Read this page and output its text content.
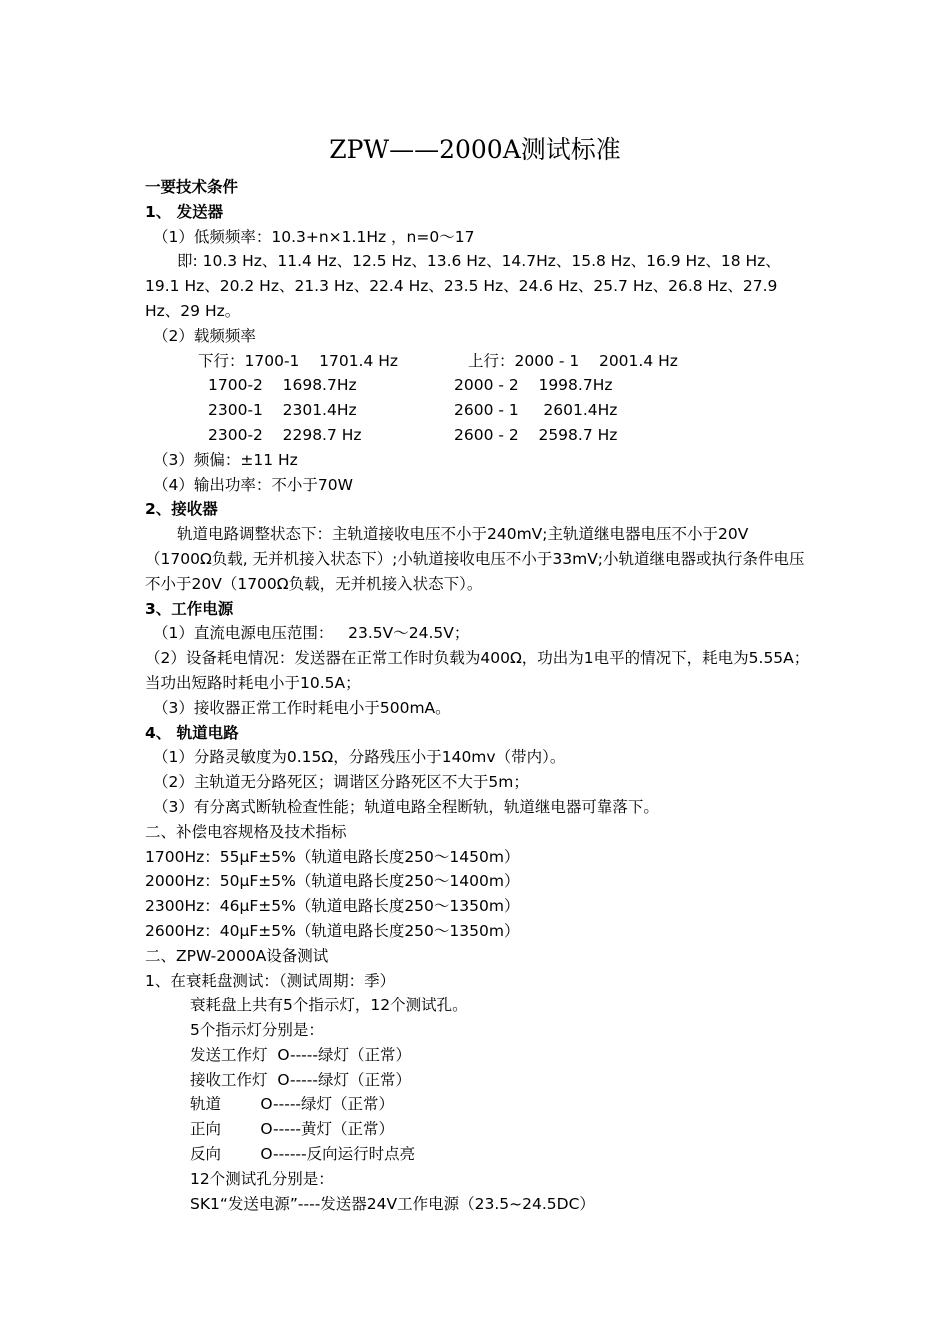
ZPW——2000A测试标准
一要技术条件
1、 发送器
（1）低频频率：10.3+n×1.1Hz ，n=0～17
即: 10.3 Hz、11.4 Hz、12.5 Hz、13.6 Hz、14.7Hz、15.8 Hz、16.9 Hz、18 Hz、19.1 Hz、20.2 Hz、21.3 Hz、22.4 Hz、23.5 Hz、24.6 Hz、25.7 Hz、26.8 Hz、27.9 Hz、29 Hz。
（2）载频频率
下行：1700-1    1701.4 Hz	上行：2000 - 1    2001.4 Hz
1700-2    1698.7Hz	2000 - 2    1998.7Hz
2300-1    2301.4Hz	2600 - 1     2601.4Hz
2300-2    2298.7 Hz	2600 - 2    2598.7 Hz
（3）频偏：±11 Hz
（4）输出功率：不小于70W
2、接收器
轨道电路调整状态下：主轨道接收电压不小于240mV;主轨道继电器电压不小于20V（1700Ω负载, 无并机接入状态下）;小轨道接收电压不小于33mV;小轨道继电器或执行条件电压不小于20V（1700Ω负载，无并机接入状态下）。
3、工作电源
（1）直流电源电压范围：   23.5V～24.5V；
（2）设备耗电情况：发送器在正常工作时负载为400Ω，功出为1电平的情况下，耗电为5.55A；当功出短路时耗电小于10.5A；
（3）接收器正常工作时耗电小于500mA。
4、 轨道电路
（1）分路灵敏度为0.15Ω，分路残压小于140mv（带内）。
（2）主轨道无分路死区；调谐区分路死区不大于5m；
（3）有分离式断轨检查性能；轨道电路全程断轨，轨道继电器可靠落下。
二、补偿电容规格及技术指标
1700Hz：55μF±5%（轨道电路长度250～1450m）
2000Hz：50μF±5%（轨道电路长度250～1400m）
2300Hz：46μF±5%（轨道电路长度250～1350m）
2600Hz：40μF±5%（轨道电路长度250～1350m）
二、ZPW-2000A设备测试
1、在衰耗盘测试：（测试周期：季）
衰耗盘上共有5个指示灯，12个测试孔。
5个指示灯分别是：
发送工作灯  O-----绿灯（正常）
接收工作灯  O-----绿灯（正常）
轨道        O-----绿灯（正常）
正向        O-----黄灯（正常）
反向        O------反向运行时点亮
12个测试孔分别是：
SK1“发送电源”----发送器24V工作电源（23.5~24.5DC）
